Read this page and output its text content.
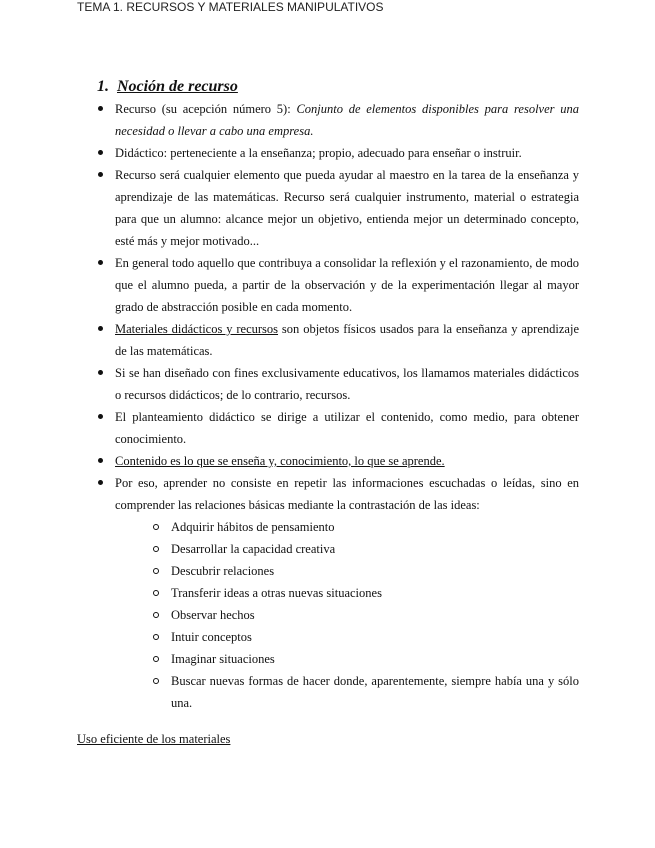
TEMA 1. RECURSOS Y MATERIALES MANIPULATIVOS
1. Noción de recurso
Recurso (su acepción número 5): Conjunto de elementos disponibles para resolver una necesidad o llevar a cabo una empresa.
Didáctico: perteneciente a la enseñanza; propio, adecuado para enseñar o instruir.
Recurso será cualquier elemento que pueda ayudar al maestro en la tarea de la enseñanza y aprendizaje de las matemáticas. Recurso será cualquier instrumento, material o estrategia para que un alumno: alcance mejor un objetivo, entienda mejor un determinado concepto, esté más y mejor motivado...
En general todo aquello que contribuya a consolidar la reflexión y el razonamiento, de modo que el alumno pueda, a partir de la observación y de la experimentación llegar al mayor grado de abstracción posible en cada momento.
Materiales didácticos y recursos son objetos físicos usados para la enseñanza y aprendizaje de las matemáticas.
Si se han diseñado con fines exclusivamente educativos, los llamamos materiales didácticos o recursos didácticos; de lo contrario, recursos.
El planteamiento didáctico se dirige a utilizar el contenido, como medio, para obtener conocimiento.
Contenido es lo que se enseña y, conocimiento, lo que se aprende.
Por eso, aprender no consiste en repetir las informaciones escuchadas o leídas, sino en comprender las relaciones básicas mediante la contrastación de las ideas:
Adquirir hábitos de pensamiento
Desarrollar la capacidad creativa
Descubrir relaciones
Transferir ideas a otras nuevas situaciones
Observar hechos
Intuir conceptos
Imaginar situaciones
Buscar nuevas formas de hacer donde, aparentemente, siempre había una y sólo una.
Uso eficiente de los materiales
